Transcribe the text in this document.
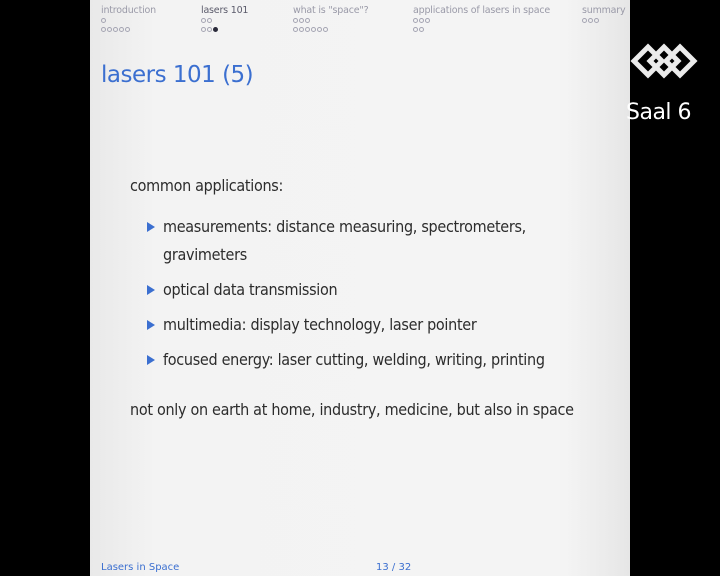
introduction	lasers 101	what is "space"?	applications of lasers in space	summary
lasers 101 (5)
common applications:
measurements: distance measuring, spectrometers, gravimeters
optical data transmission
multimedia: display technology, laser pointer
focused energy: laser cutting, welding, writing, printing
not only on earth at home, industry, medicine, but also in space
Lasers in Space	13 / 32
Saal 6
